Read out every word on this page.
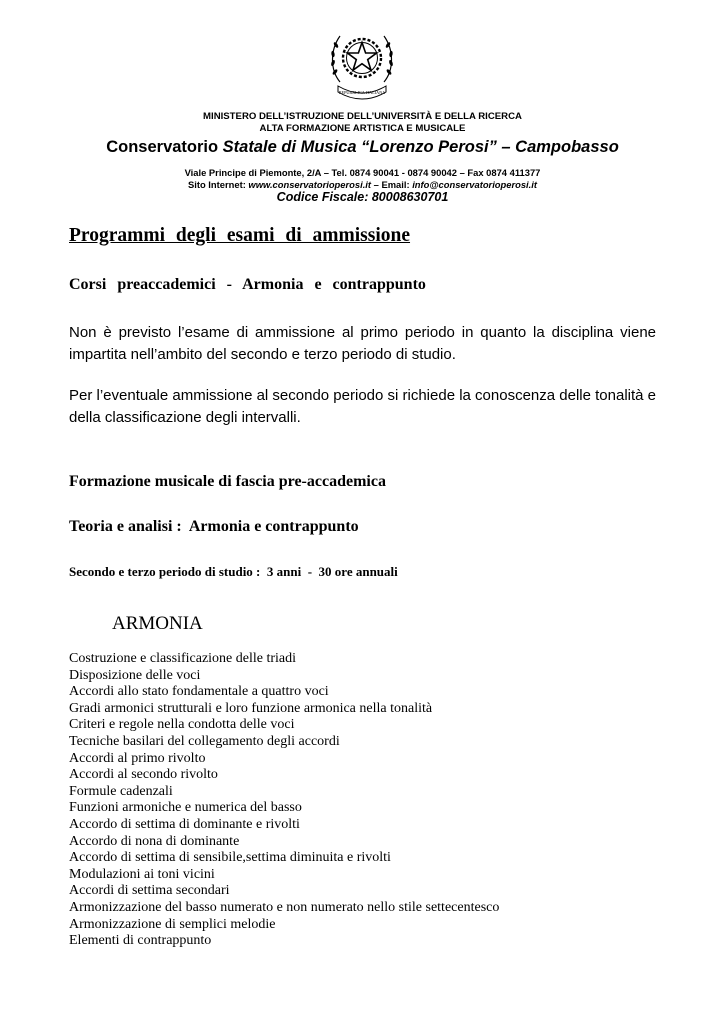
REPUBBLICA ITALIANA
MINISTERO DELL’ISTRUZIONE DELL’UNIVERSITÀ E DELLA RICERCA
ALTA FORMAZIONE ARTISTICA E MUSICALE
Conservatorio Statale di Musica “Lorenzo Perosi” – Campobasso
Viale Principe di Piemonte, 2/A – Tel. 0874 90041 - 0874 90042 – Fax 0874 411377
Sito Internet: www.conservatorioperosi.it – Email: info@conservatorioperosi.it
Codice Fiscale: 80008630701
Programmi degli esami di ammissione
Corsi preaccademici - Armonia e contrappunto
Non è previsto l’esame di ammissione al primo periodo in quanto la disciplina viene impartita nell’ambito del secondo e terzo periodo di studio.
Per l’eventuale ammissione al secondo periodo si richiede la conoscenza delle tonalità e della classificazione degli intervalli.
Formazione musicale di fascia pre-accademica
Teoria e analisi :  Armonia e contrappunto
Secondo e terzo periodo di studio :  3 anni  -  30 ore annuali
ARMONIA
Costruzione e classificazione delle triadi
Disposizione delle voci
Accordi allo stato fondamentale a quattro voci
Gradi armonici strutturali e loro funzione armonica nella tonalità
Criteri e regole nella condotta delle voci
Tecniche basilari del collegamento degli accordi
Accordi al primo rivolto
Accordi al secondo rivolto
Formule cadenzali
Funzioni armoniche e numerica del basso
Accordo di settima di dominante e rivolti
Accordo di nona di dominante
Accordo di settima di sensibile,settima diminuita e rivolti
Modulazioni ai toni vicini
Accordi di settima secondari
Armonizzazione del basso numerato e non numerato nello stile settecentesco
Armonizzazione di semplici melodie
Elementi di contrappunto
